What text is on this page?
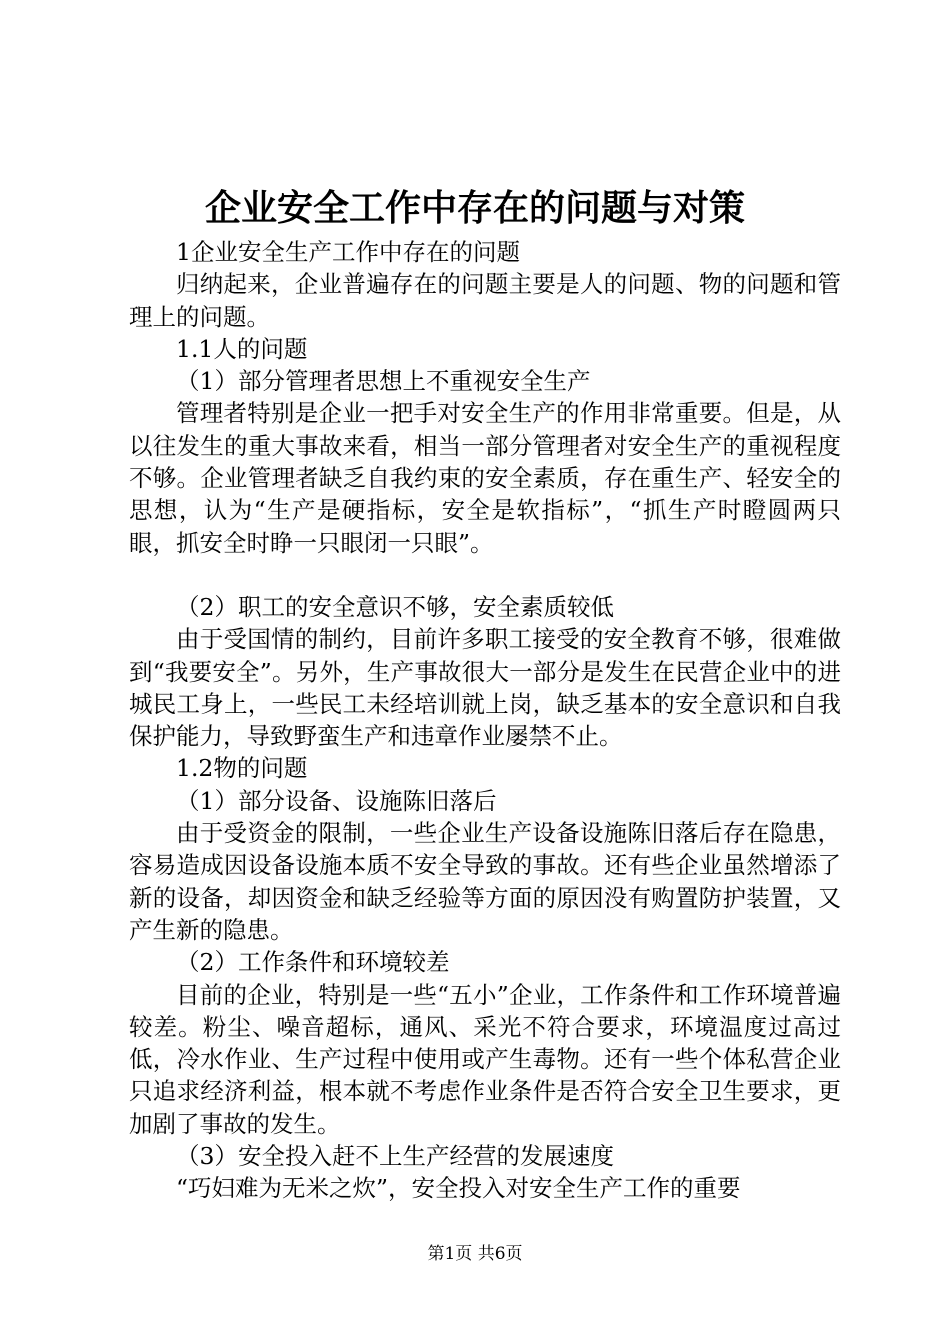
企业安全工作中存在的问题与对策

1企业安全生产工作中存在的问题

归纳起来，企业普遍存在的问题主要是人的问题、物的问题和管理上的问题。

1.1人的问题

（1）部分管理者思想上不重视安全生产

管理者特别是企业一把手对安全生产的作用非常重要。但是，从以往发生的重大事故来看，相当一部分管理者对安全生产的重视程度不够。企业管理者缺乏自我约束的安全素质，存在重生产、轻安全的思想，认为“生产是硬指标，安全是软指标”，“抓生产时瞪圆两只眼，抓安全时睁一只眼闭一只眼”。

（2）职工的安全意识不够，安全素质较低

由于受国情的制约，目前许多职工接受的安全教育不够，很难做到“我要安全”。另外，生产事故很大一部分是发生在民营企业中的进城民工身上，一些民工未经培训就上岗，缺乏基本的安全意识和自我保护能力，导致野蛮生产和违章作业屡禁不止。

1.2物的问题

（1）部分设备、设施陈旧落后

由于受资金的限制，一些企业生产设备设施陈旧落后存在隐患，容易造成因设备设施本质不安全导致的事故。还有些企业虽然增添了新的设备，却因资金和缺乏经验等方面的原因没有购置防护装置，又产生新的隐患。

（2）工作条件和环境较差

目前的企业，特别是一些“五小”企业，工作条件和工作环境普遍较差。粉尘、噪音超标，通风、采光不符合要求，环境温度过高过低，冷水作业、生产过程中使用或产生毒物。还有一些个体私营企业只追求经济利益，根本就不考虑作业条件是否符合安全卫生要求，更加剧了事故的发生。

（3）安全投入赶不上生产经营的发展速度

“巧妇难为无米之炊”，安全投入对安全生产工作的重要

第1页 共6页
